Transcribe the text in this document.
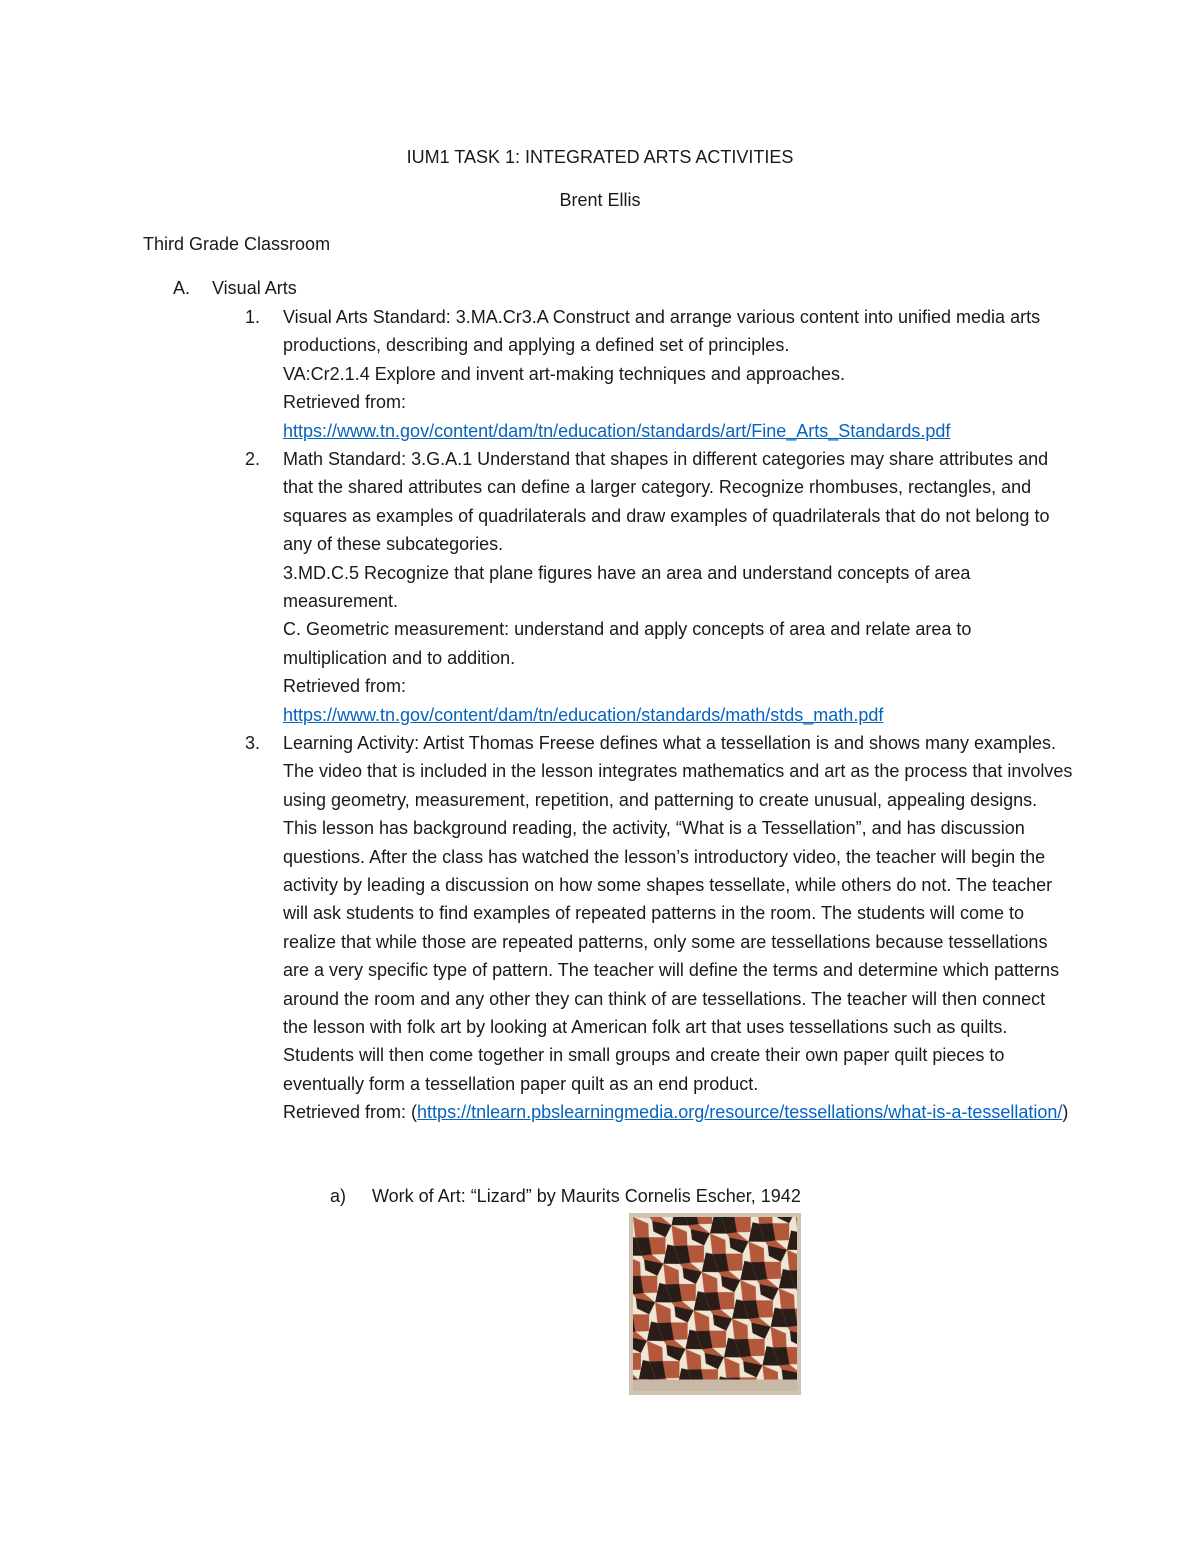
IUM1 TASK 1: INTEGRATED ARTS ACTIVITIES
Brent Ellis
Third Grade Classroom
A. Visual Arts
1. Visual Arts Standard: 3.MA.Cr3.A Construct and arrange various content into unified media arts productions, describing and applying a defined set of principles.
VA:Cr2.1.4 Explore and invent art-making techniques and approaches.
Retrieved from:
https://www.tn.gov/content/dam/tn/education/standards/art/Fine_Arts_Standards.pdf
2. Math Standard: 3.G.A.1 Understand that shapes in different categories may share attributes and that the shared attributes can define a larger category. Recognize rhombuses, rectangles, and squares as examples of quadrilaterals and draw examples of quadrilaterals that do not belong to any of these subcategories.
3.MD.C.5 Recognize that plane figures have an area and understand concepts of area measurement.
C. Geometric measurement: understand and apply concepts of area and relate area to multiplication and to addition.
Retrieved from:
https://www.tn.gov/content/dam/tn/education/standards/math/stds_math.pdf
3. Learning Activity: Artist Thomas Freese defines what a tessellation is and shows many examples. The video that is included in the lesson integrates mathematics and art as the process that involves using geometry, measurement, repetition, and patterning to create unusual, appealing designs. This lesson has background reading, the activity, “What is a Tessellation”, and has discussion questions. After the class has watched the lesson’s introductory video, the teacher will begin the activity by leading a discussion on how some shapes tessellate, while others do not. The teacher will ask students to find examples of repeated patterns in the room. The students will come to realize that while those are repeated patterns, only some are tessellations because tessellations are a very specific type of pattern. The teacher will define the terms and determine which patterns around the room and any other they can think of are tessellations. The teacher will then connect the lesson with folk art by looking at American folk art that uses tessellations such as quilts. Students will then come together in small groups and create their own paper quilt pieces to eventually form a tessellation paper quilt as an end product.
Retrieved from: (https://tnlearn.pbslearningmedia.org/resource/tessellations/what-is-a-tessellation/)
a) Work of Art: “Lizard” by Maurits Cornelis Escher, 1942
